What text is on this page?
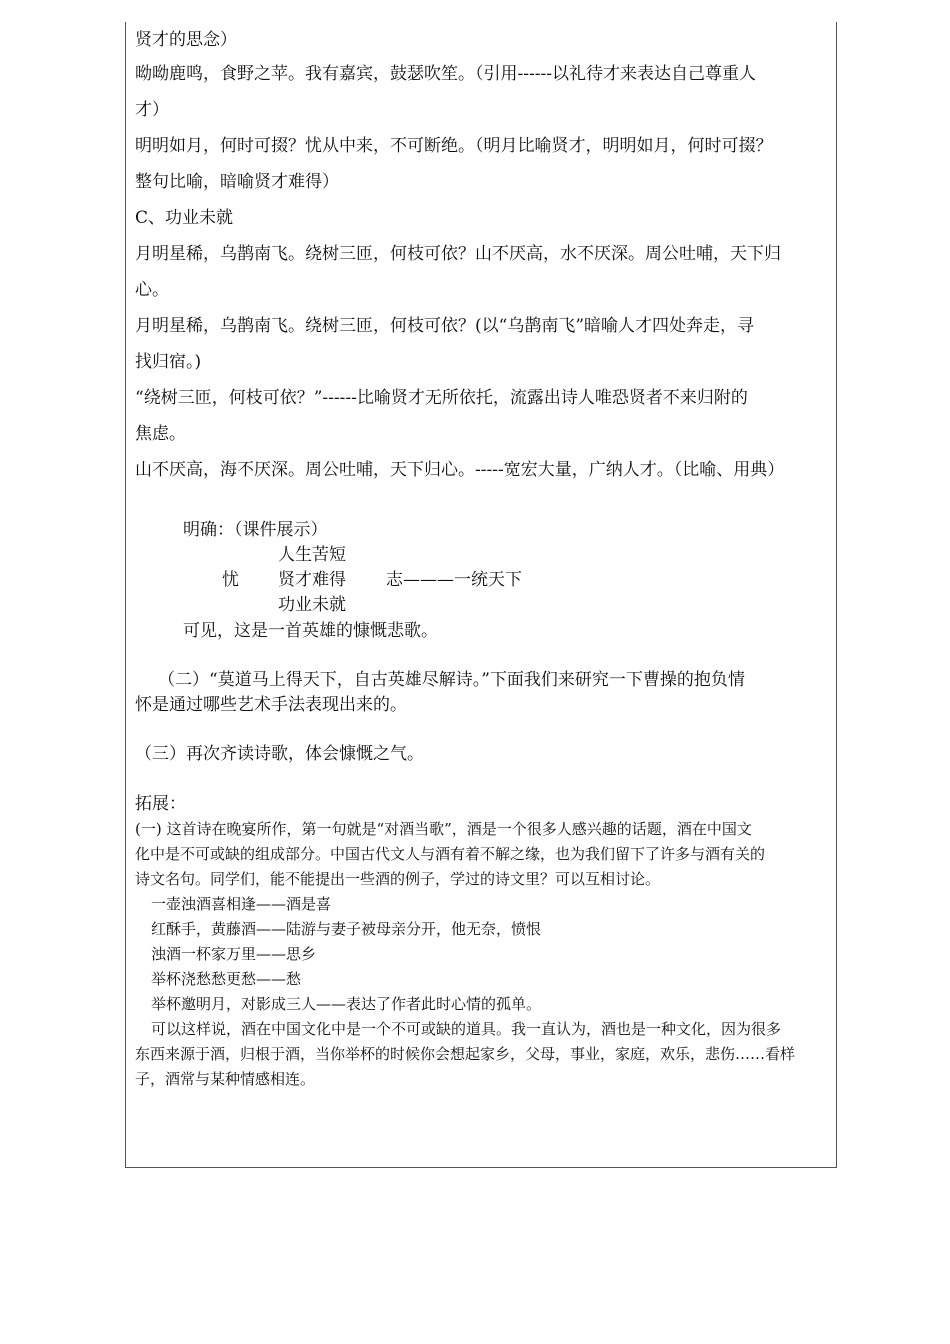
贤才的思念）
呦呦鹿鸣，食野之苹。我有嘉宾，鼓瑟吹笙。（引用------以礼待才来表达自己尊重人
才）
明明如月，何时可掇？忧从中来，不可断绝。（明月比喻贤才，明明如月，何时可掇？
整句比喻，暗喻贤才难得）
C、功业未就
月明星稀，乌鹊南飞。绕树三匝，何枝可依？山不厌高，水不厌深。周公吐哺，天下归
心。
月明星稀，乌鹊南飞。绕树三匝，何枝可依？(以“乌鹊南飞”暗喻人才四处奔走，寻
找归宿。)
“绕树三匝，何枝可依？”------比喻贤才无所依托，流露出诗人唯恐贤者不来归附的
焦虑。
山不厌高，海不厌深。周公吐哺，天下归心。-----宽宏大量，广纳人才。（比喻、用典）
明确：（课件展示）
人生苦短
忧 贤才难得 志———一统天下
功业未就
可见，这是一首英雄的慷慨悲歌。
（二）“莫道马上得天下，自古英雄尽解诗。”下面我们来研究一下曹操的抱负情
怀是通过哪些艺术手法表现出来的。
（三）再次齐读诗歌，体会慷慨之气。
拓展：
(一) 这首诗在晚宴所作，第一句就是“对酒当歌”，酒是一个很多人感兴趣的话题，酒在中国文
化中是不可或缺的组成部分。中国古代文人与酒有着不解之缘，也为我们留下了许多与酒有关的
诗文名句。同学们，能不能提出一些酒的例子，学过的诗文里？可以互相讨论。
一壶浊酒喜相逢——酒是喜
红酥手，黄藤酒——陆游与妻子被母亲分开，他无奈，愤恨
浊酒一杯家万里——思乡
举杯浇愁愁更愁——愁
举杯邀明月，对影成三人——表达了作者此时心情的孤单。
可以这样说，酒在中国文化中是一个不可或缺的道具。我一直认为，酒也是一种文化，因为很多
东西来源于酒，归根于酒，当你举杯的时候你会想起家乡，父母，事业，家庭，欢乐，悲伤……看样
子，酒常与某种情感相连。
